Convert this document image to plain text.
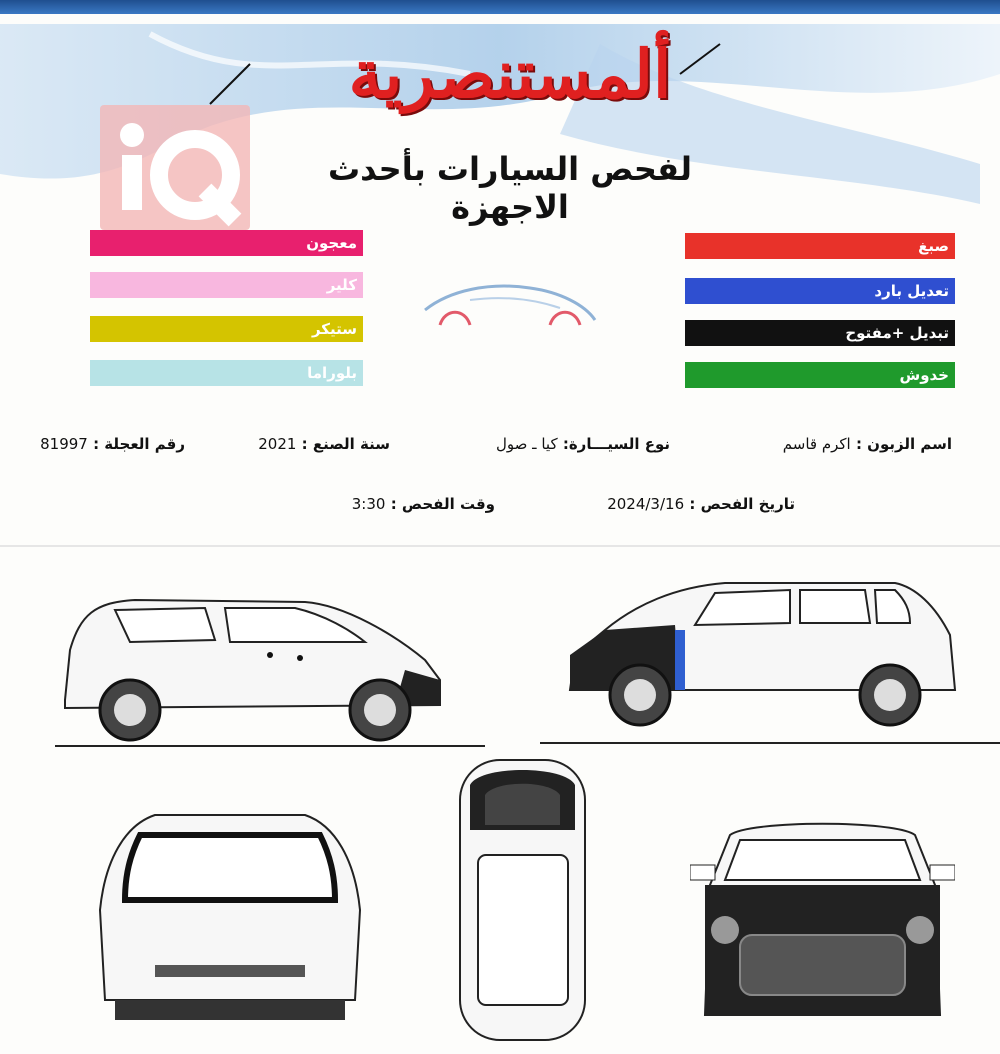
ألمستنصرية
لفحص السيارات بأحدث الاجهزة
صبغ
تعديل بارد
تبديل +مفتوح
خدوش
معجون
كلير
ستيكر
بلوراما
اسم الزبون : اكرم قاسم
نوع السيـــارة: كيا ـ صول
سنة الصنع : 2021
رقم العجلة : 81997
تاريخ الفحص : 2024/3/16
وقت الفحص : 3:30
